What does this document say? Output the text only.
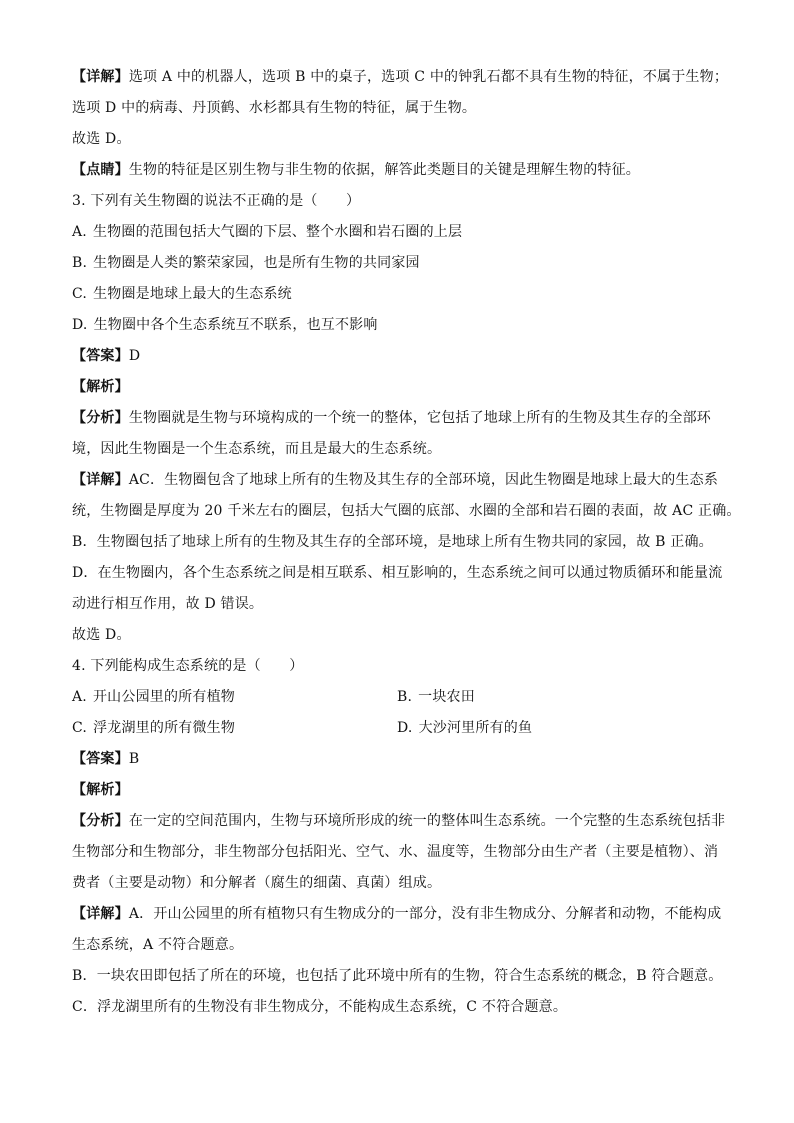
【详解】选项 A 中的机器人，选项 B 中的桌子，选项 C 中的钟乳石都不具有生物的特征，不属于生物；
选项 D 中的病毒、丹顶鹤、水杉都具有生物的特征，属于生物。
故选 D。
【点睛】生物的特征是区别生物与非生物的依据，解答此类题目的关键是理解生物的特征。
3. 下列有关生物圈的说法不正确的是（　　）
A. 生物圈的范围包括大气圈的下层、整个水圈和岩石圈的上层
B. 生物圈是人类的繁荣家园，也是所有生物的共同家园
C. 生物圈是地球上最大的生态系统
D. 生物圈中各个生态系统互不联系，也互不影响
【答案】D
【解析】
【分析】生物圈就是生物与环境构成的一个统一的整体，它包括了地球上所有的生物及其生存的全部环
境，因此生物圈是一个生态系统，而且是最大的生态系统。
【详解】AC．生物圈包含了地球上所有的生物及其生存的全部环境，因此生物圈是地球上最大的生态系
统，生物圈是厚度为 20 千米左右的圈层，包括大气圈的底部、水圈的全部和岩石圈的表面，故 AC 正确。
B．生物圈包括了地球上所有的生物及其生存的全部环境，是地球上所有生物共同的家园，故 B 正确。
D．在生物圈内，各个生态系统之间是相互联系、相互影响的，生态系统之间可以通过物质循环和能量流
动进行相互作用，故 D 错误。
故选 D。
4. 下列能构成生态系统的是（　　）
A. 开山公园里的所有植物	B. 一块农田
C. 浮龙湖里的所有微生物	D. 大沙河里所有的鱼
【答案】B
【解析】
【分析】在一定的空间范围内，生物与环境所形成的统一的整体叫生态系统。一个完整的生态系统包括非
生物部分和生物部分，非生物部分包括阳光、空气、水、温度等，生物部分由生产者（主要是植物）、消
费者（主要是动物）和分解者（腐生的细菌、真菌）组成。
【详解】A．开山公园里的所有植物只有生物成分的一部分，没有非生物成分、分解者和动物，不能构成
生态系统，A 不符合题意。
B．一块农田即包括了所在的环境，也包括了此环境中所有的生物，符合生态系统的概念，B 符合题意。
C．浮龙湖里所有的生物没有非生物成分，不能构成生态系统，C 不符合题意。
